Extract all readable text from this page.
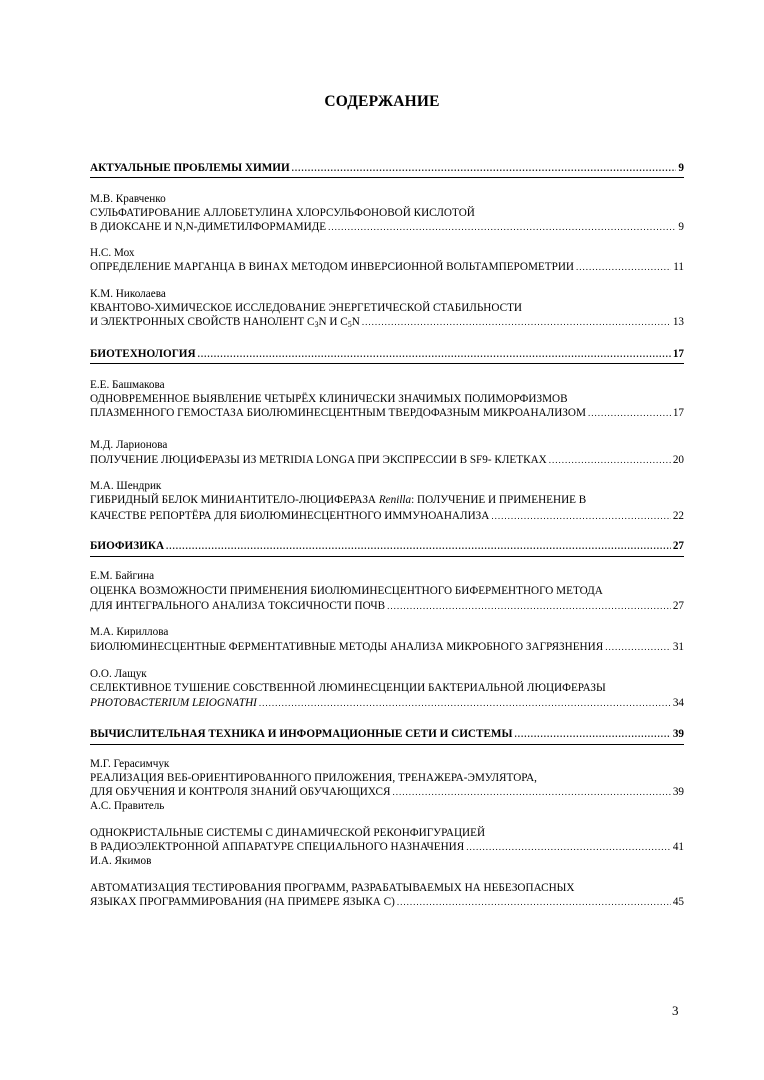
СОДЕРЖАНИЕ
АКТУАЛЬНЫЕ ПРОБЛЕМЫ ХИМИИ .....	9
М.В. Кравченко
СУЛЬФАТИРОВАНИЕ АЛЛОБЕТУЛИНА ХЛОРСУЛЬФОНОВОЙ КИСЛОТОЙ
В ДИОКСАНЕ И N,N-ДИМЕТИЛФОРМАМИДЕ .....	9
Н.С. Мох
ОПРЕДЕЛЕНИЕ МАРГАНЦА В ВИНАХ МЕТОДОМ ИНВЕРСИОННОЙ ВОЛЬТАМПЕРОМЕТРИИ .....	11
К.М. Николаева
КВАНТОВО-ХИМИЧЕСКОЕ ИССЛЕДОВАНИЕ ЭНЕРГЕТИЧЕСКОЙ СТАБИЛЬНОСТИ
И ЭЛЕКТРОННЫХ СВОЙСТВ НАНОЛЕНТ $С_3N$ И $С_5N$ .....	13
БИОТЕХНОЛОГИЯ .....	17
Е.Е. Башмакова
ОДНОВРЕМЕННОЕ ВЫЯВЛЕНИЕ ЧЕТЫРЁХ КЛИНИЧЕСКИ ЗНАЧИМЫХ ПОЛИМОРФИЗМОВ
ПЛАЗМЕННОГО ГЕМОСТАЗА БИОЛЮМИНЕСЦЕНТНЫМ ТВЕРДОФАЗНЫМ МИКРОАНАЛИЗОМ .....	17
М.Д. Ларионова
ПОЛУЧЕНИЕ ЛЮЦИФЕРАЗЫ ИЗ METRIDIA LONGA ПРИ ЭКСПРЕССИИ В SF9- КЛЕТКАХ .....	20
М.А. Шендрик
ГИБРИДНЫЙ БЕЛОК МИНИАНТИТЕЛО-ЛЮЦИФЕРАЗА Renilla: ПОЛУЧЕНИЕ И ПРИМЕНЕНИЕ В
КАЧЕСТВЕ РЕПОРТЁРА ДЛЯ БИОЛЮМИНЕСЦЕНТНОГО ИММУНОАНАЛИЗА .....	22
БИОФИЗИКА .....	27
Е.М. Байгина
ОЦЕНКА ВОЗМОЖНОСТИ ПРИМЕНЕНИЯ БИОЛЮМИНЕСЦЕНТНОГО БИФЕРМЕНТНОГО МЕТОДА
ДЛЯ ИНТЕГРАЛЬНОГО АНАЛИЗА ТОКСИЧНОСТИ ПОЧВ .....	27
М.А. Кириллова
БИОЛЮМИНЕСЦЕНТНЫЕ ФЕРМЕНТАТИВНЫЕ МЕТОДЫ АНАЛИЗА МИКРОБНОГО ЗАГРЯЗНЕНИЯ .....	31
О.О. Лащук
СЕЛЕКТИВНОЕ ТУШЕНИЕ СОБСТВЕННОЙ ЛЮМИНЕСЦЕНЦИИ БАКТЕРИАЛЬНОЙ ЛЮЦИФЕРАЗЫ
PHOTOBACTERIUM LEIOGNATHI .....	34
ВЫЧИСЛИТЕЛЬНАЯ ТЕХНИКА И ИНФОРМАЦИОННЫЕ СЕТИ И СИСТЕМЫ .....	39
М.Г. Герасимчук
РЕАЛИЗАЦИЯ ВЕБ-ОРИЕНТИРОВАННОГО ПРИЛОЖЕНИЯ, ТРЕНАЖЕРА-ЭМУЛЯТОРА,
ДЛЯ ОБУЧЕНИЯ И КОНТРОЛЯ ЗНАНИЙ ОБУЧАЮЩИХСЯ .....	39
А.С. Правитель
ОДНОКРИСТАЛЬНЫЕ СИСТЕМЫ С ДИНАМИЧЕСКОЙ РЕКОНФИГУРАЦИЕЙ
В РАДИОЭЛЕКТРОННОЙ АППАРАТУРЕ СПЕЦИАЛЬНОГО НАЗНАЧЕНИЯ .....	41
И.А. Якимов
АВТОМАТИЗАЦИЯ ТЕСТИРОВАНИЯ ПРОГРАММ, РАЗРАБАТЫВАЕМЫХ НА НЕБЕЗОПАСНЫХ
ЯЗЫКАХ ПРОГРАММИРОВАНИЯ (НА ПРИМЕРЕ ЯЗЫКА С) .....	45
3
